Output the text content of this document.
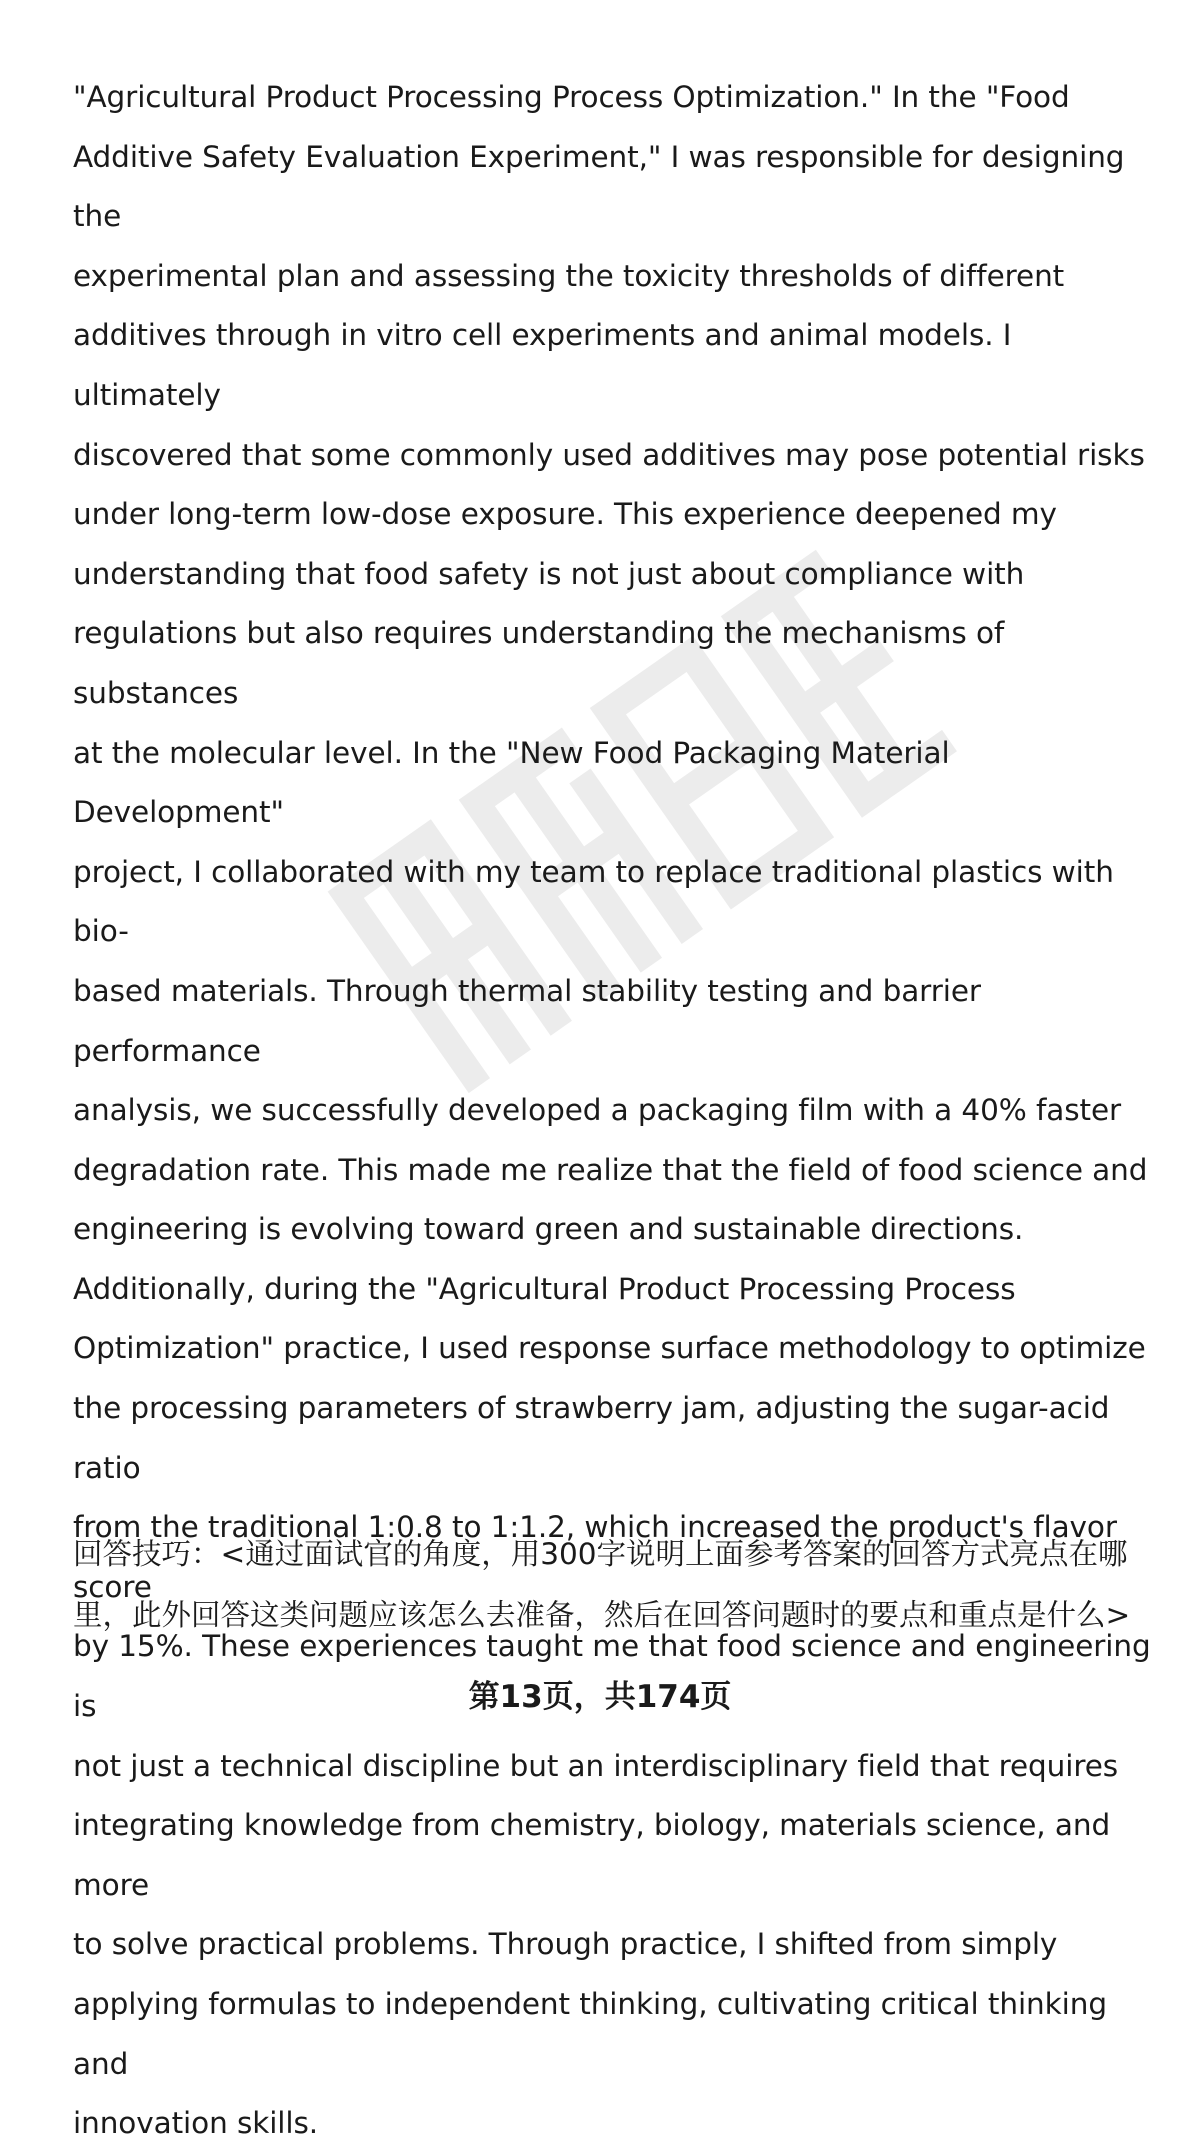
"Agricultural Product Processing Process Optimization." In the "Food
Additive Safety Evaluation Experiment," I was responsible for designing the
experimental plan and assessing the toxicity thresholds of different
additives through in vitro cell experiments and animal models. I ultimately
discovered that some commonly used additives may pose potential risks
under long-term low-dose exposure. This experience deepened my
understanding that food safety is not just about compliance with
regulations but also requires understanding the mechanisms of substances
at the molecular level. In the "New Food Packaging Material Development"
project, I collaborated with my team to replace traditional plastics with bio-
based materials. Through thermal stability testing and barrier performance
analysis, we successfully developed a packaging film with a 40% faster
degradation rate. This made me realize that the field of food science and
engineering is evolving toward green and sustainable directions.
Additionally, during the "Agricultural Product Processing Process
Optimization" practice, I used response surface methodology to optimize
the processing parameters of strawberry jam, adjusting the sugar-acid ratio
from the traditional 1:0.8 to 1:1.2, which increased the product's flavor score
by 15%. These experiences taught me that food science and engineering is
not just a technical discipline but an interdisciplinary field that requires
integrating knowledge from chemistry, biology, materials science, and more
to solve practical problems. Through practice, I shifted from simply
applying formulas to independent thinking, cultivating critical thinking and
innovation skills.

回答技巧：<通过面试官的角度，用300字说明上面参考答案的回答方式亮点在哪里，此外回答这类问题应该怎么去准备，然后在回答问题时的要点和重点是什么>

第13页，共174页
